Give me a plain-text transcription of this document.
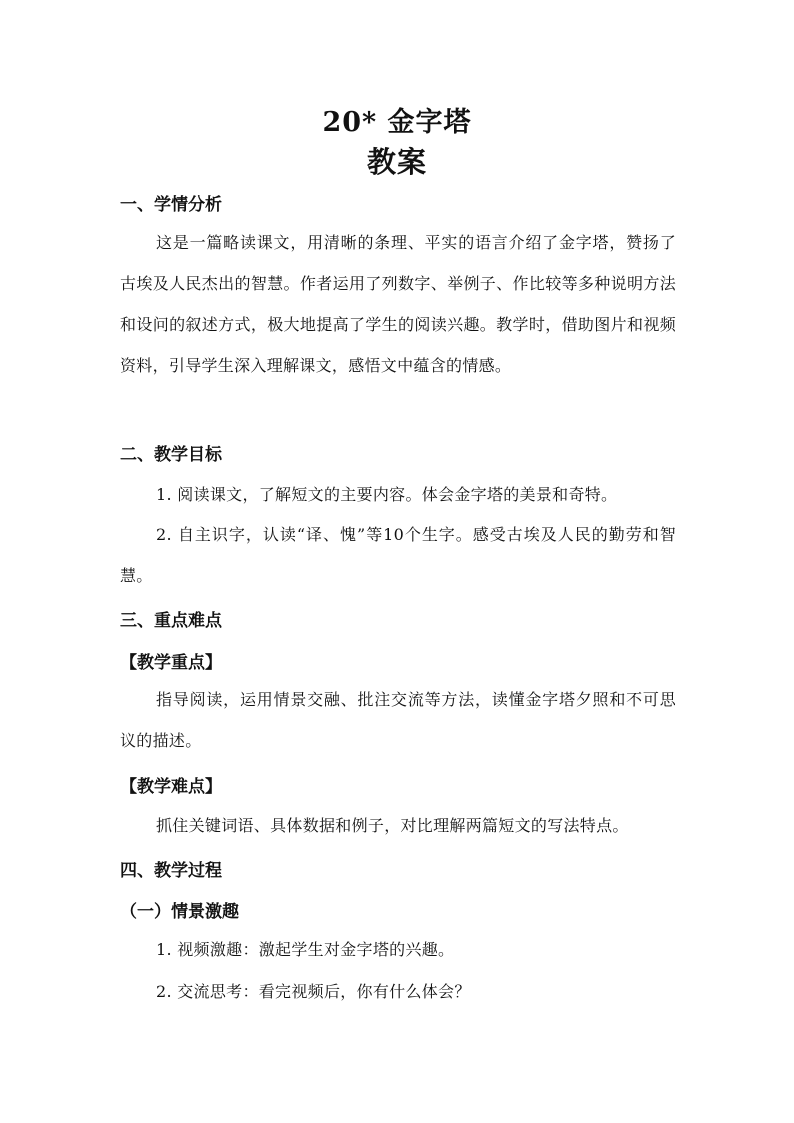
20* 金字塔
教案
一、学情分析
这是一篇略读课文，用清晰的条理、平实的语言介绍了金字塔，赞扬了古埃及人民杰出的智慧。作者运用了列数字、举例子、作比较等多种说明方法和设问的叙述方式，极大地提高了学生的阅读兴趣。教学时，借助图片和视频资料，引导学生深入理解课文，感悟文中蕴含的情感。
二、教学目标
1. 阅读课文，了解短文的主要内容。体会金字塔的美景和奇特。
2. 自主识字，认读“译、愧”等10个生字。感受古埃及人民的勤劳和智慧。
三、重点难点
【教学重点】
指导阅读，运用情景交融、批注交流等方法，读懂金字塔夕照和不可思议的描述。
【教学难点】
抓住关键词语、具体数据和例子，对比理解两篇短文的写法特点。
四、教学过程
（一）情景激趣
1. 视频激趣：激起学生对金字塔的兴趣。
2. 交流思考：看完视频后，你有什么体会？
